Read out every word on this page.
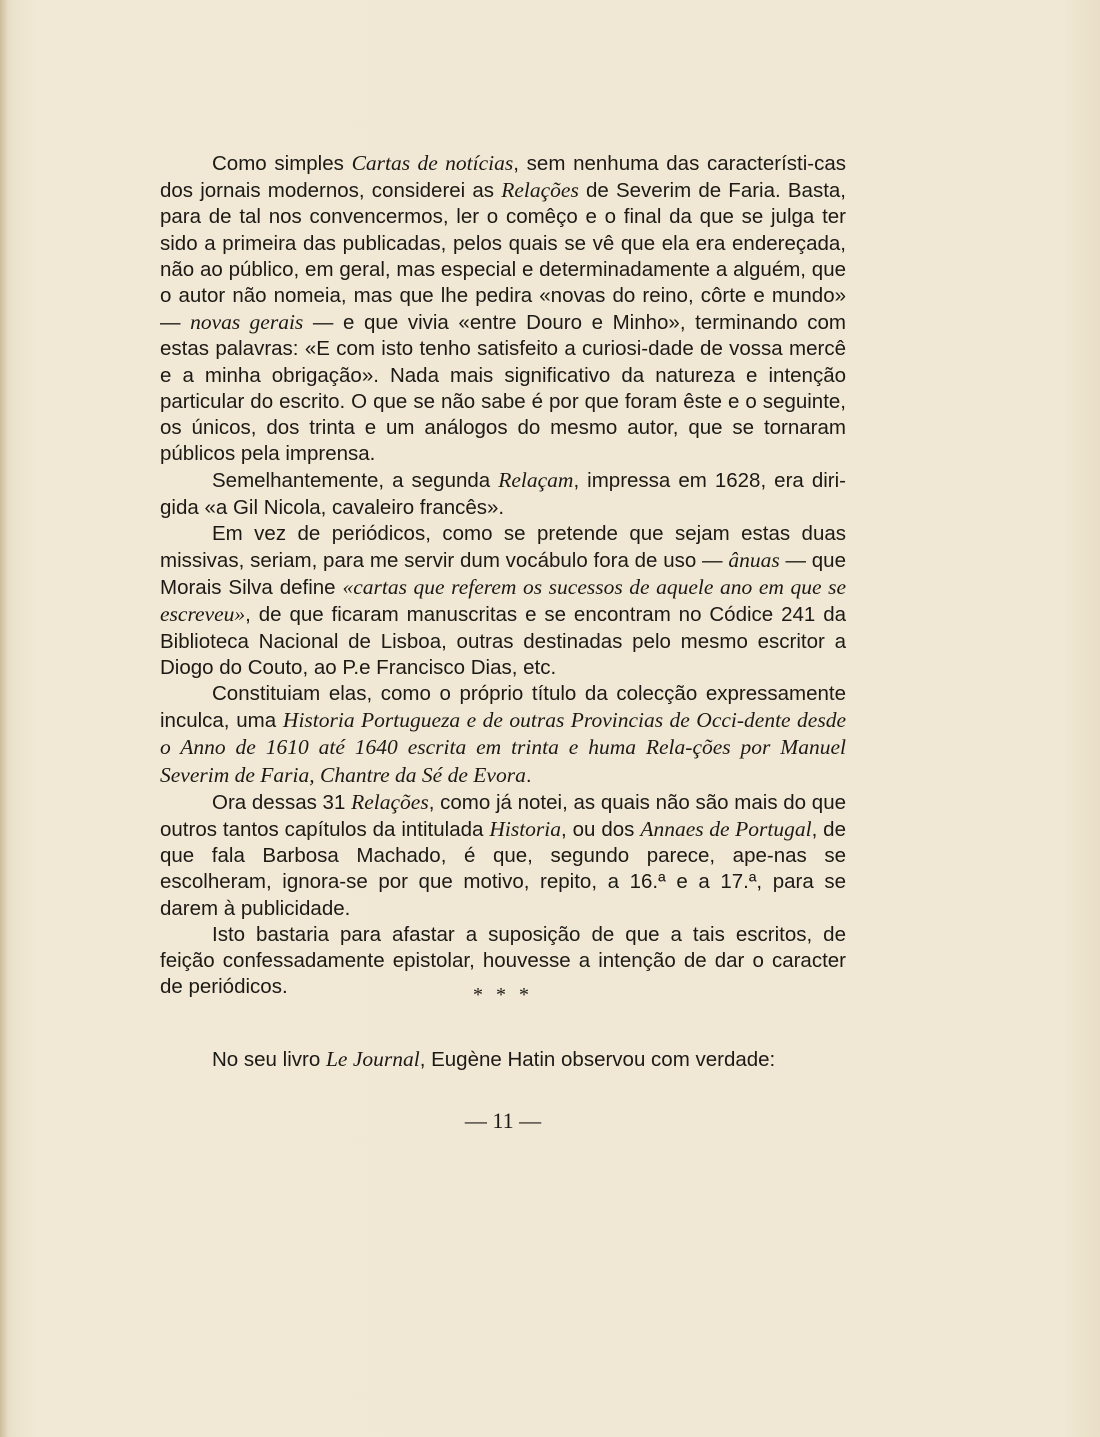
Como simples Cartas de notícias, sem nenhuma das característi-cas dos jornais modernos, considerei as Relações de Severim de Faria. Basta, para de tal nos convencermos, ler o comêço e o final da que se julga ter sido a primeira das publicadas, pelos quais se vê que ela era endereçada, não ao público, em geral, mas especial e determinadamente a alguém, que o autor não nomeia, mas que lhe pedira «novas do reino, côrte e mundo» — novas gerais — e que vivia «entre Douro e Minho», terminando com estas palavras: «E com isto tenho satisfeito a curiosi-dade de vossa mercê e a minha obrigação». Nada mais significativo da natureza e intenção particular do escrito. O que se não sabe é por que foram êste e o seguinte, os únicos, dos trinta e um análogos do mesmo autor, que se tornaram públicos pela imprensa.

Semelhantemente, a segunda Relaçam, impressa em 1628, era diri-gida «a Gil Nicola, cavaleiro francês».

Em vez de periódicos, como se pretende que sejam estas duas missivas, seriam, para me servir dum vocábulo fora de uso — ânuas — que Morais Silva define «cartas que referem os sucessos de aquele ano em que se escreveu», de que ficaram manuscritas e se encontram no Códice 241 da Biblioteca Nacional de Lisboa, outras destinadas pelo mesmo escritor a Diogo do Couto, ao P.e Francisco Dias, etc.

Constituiam elas, como o próprio título da colecção expressamente inculca, uma Historia Portugueza e de outras Provincias de Occi-dente desde o Anno de 1610 até 1640 escrita em trinta e huma Rela-ções por Manuel Severim de Faria, Chantre da Sé de Evora.

Ora dessas 31 Relações, como já notei, as quais não são mais do que outros tantos capítulos da intitulada Historia, ou dos Annaes de Portugal, de que fala Barbosa Machado, é que, segundo parece, ape-nas se escolheram, ignora-se por que motivo, repito, a 16.ª e a 17.ª, para se darem à publicidade.

Isto bastaria para afastar a suposição de que a tais escritos, de feição confessadamente epistolar, houvesse a intenção de dar o caracter de periódicos.	* * *

No seu livro Le Journal, Eugène Hatin observou com verdade:

— 11 —
